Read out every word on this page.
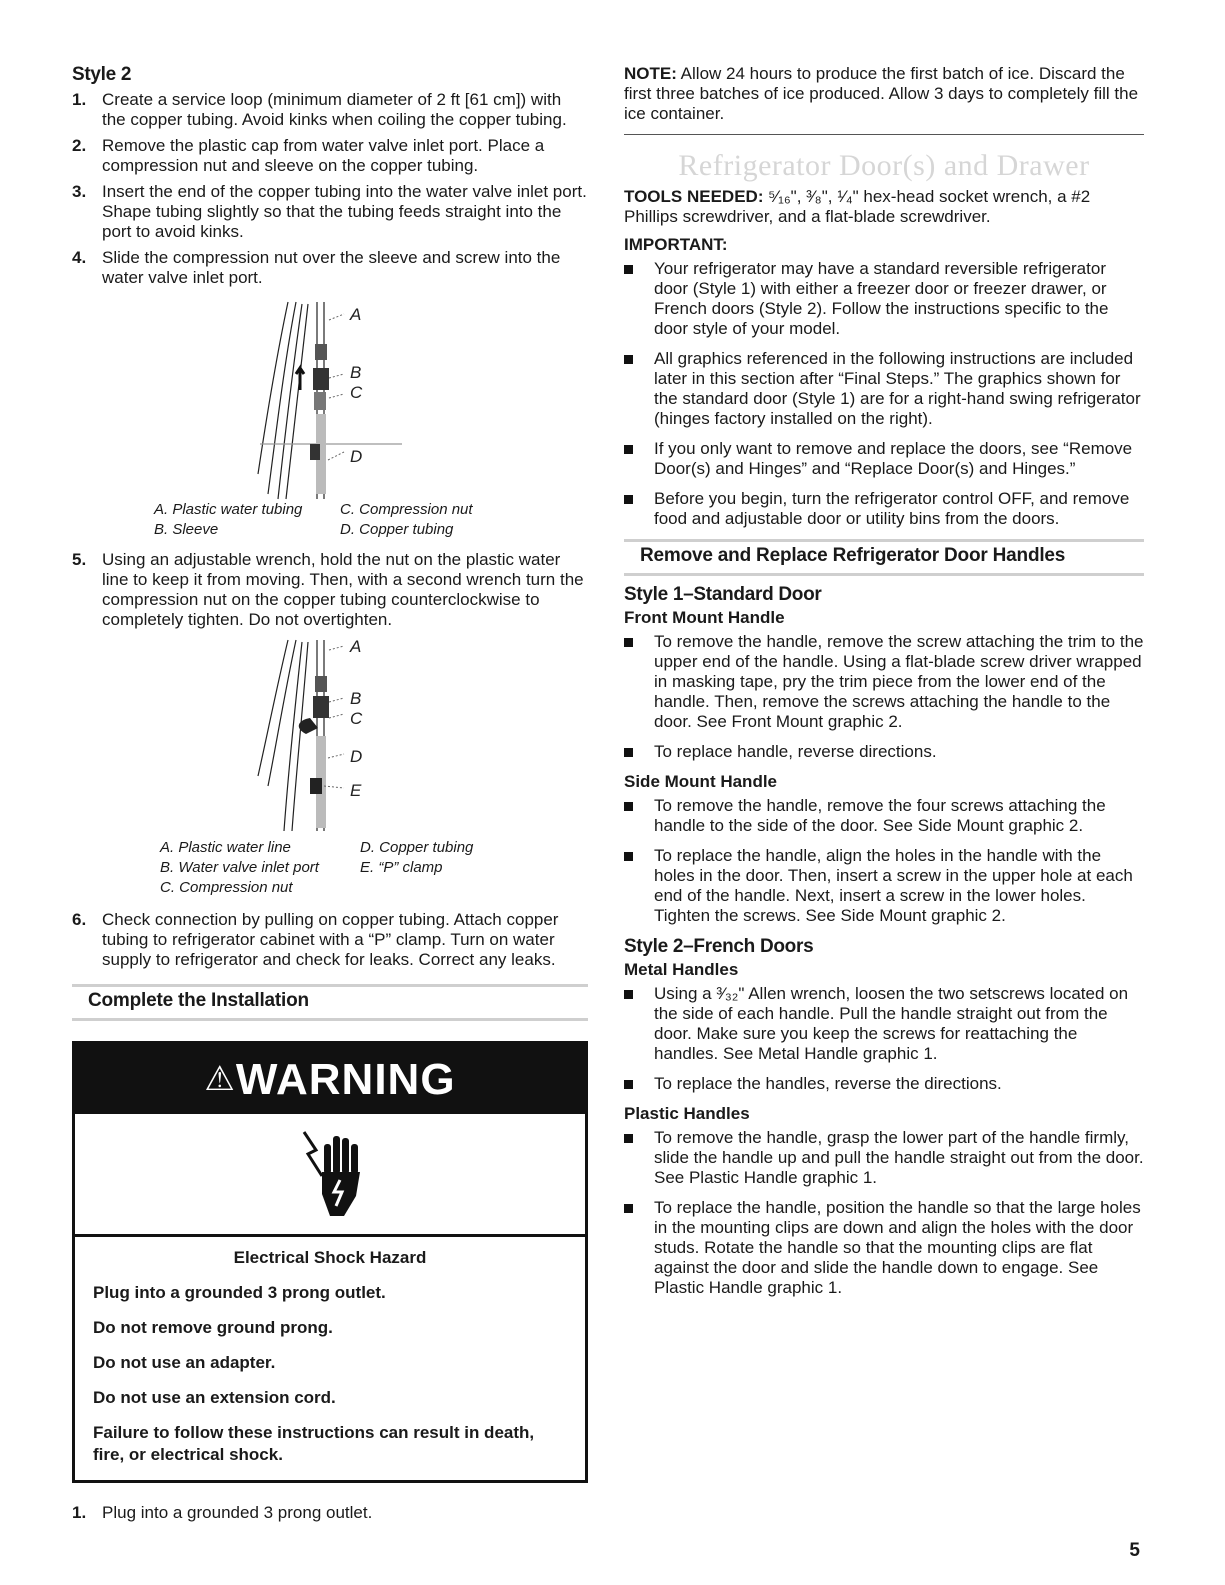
Style 2
1. Create a service loop (minimum diameter of 2 ft [61 cm]) with the copper tubing. Avoid kinks when coiling the copper tubing.
2. Remove the plastic cap from water valve inlet port. Place a compression nut and sleeve on the copper tubing.
3. Insert the end of the copper tubing into the water valve inlet port. Shape tubing slightly so that the tubing feeds straight into the port to avoid kinks.
4. Slide the compression nut over the sleeve and screw into the water valve inlet port.
A
B
C
D
A. Plastic water tubing	C. Compression nut
B. Sleeve	D. Copper tubing
5. Using an adjustable wrench, hold the nut on the plastic water line to keep it from moving. Then, with a second wrench turn the compression nut on the copper tubing counterclockwise to completely tighten. Do not overtighten.
A
B
C
D
E
A. Plastic water line	D. Copper tubing
B. Water valve inlet port	E. “P” clamp
C. Compression nut
6. Check connection by pulling on copper tubing. Attach copper tubing to refrigerator cabinet with a “P” clamp. Turn on water supply to refrigerator and check for leaks. Correct any leaks.
Complete the Installation
⚠WARNING

Electrical Shock Hazard

Plug into a grounded 3 prong outlet.

Do not remove ground prong.

Do not use an adapter.

Do not use an extension cord.

Failure to follow these instructions can result in death, fire, or electrical shock.

1. Plug into a grounded 3 prong outlet.
NOTE: Allow 24 hours to produce the first batch of ice. Discard the first three batches of ice produced. Allow 3 days to completely fill the ice container.
Refrigerator Door(s) and Drawer

TOOLS NEEDED: ⁵⁄₁₆", ³⁄₈", ¹⁄₄" hex-head socket wrench, a #2 Phillips screwdriver, and a flat-blade screwdriver.

IMPORTANT:
Your refrigerator may have a standard reversible refrigerator door (Style 1) with either a freezer door or freezer drawer, or French doors (Style 2). Follow the instructions specific to the door style of your model.
All graphics referenced in the following instructions are included later in this section after “Final Steps.” The graphics shown for the standard door (Style 1) are for a right-hand swing refrigerator (hinges factory installed on the right).
If you only want to remove and replace the doors, see “Remove Door(s) and Hinges” and “Replace Door(s) and Hinges.”
Before you begin, turn the refrigerator control OFF, and remove food and adjustable door or utility bins from the doors.
Remove and Replace Refrigerator Door Handles
Style 1–Standard Door
Front Mount Handle
To remove the handle, remove the screw attaching the trim to the upper end of the handle. Using a flat-blade screw driver wrapped in masking tape, pry the trim piece from the lower end of the handle. Then, remove the screws attaching the handle to the door. See Front Mount graphic 2.
To replace handle, reverse directions.
Side Mount Handle
To remove the handle, remove the four screws attaching the handle to the side of the door. See Side Mount graphic 2.
To replace the handle, align the holes in the handle with the holes in the door. Then, insert a screw in the upper hole at each end of the handle. Next, insert a screw in the lower holes. Tighten the screws. See Side Mount graphic 2.
Style 2–French Doors
Metal Handles
Using a ³⁄₃₂" Allen wrench, loosen the two setscrews located on the side of each handle. Pull the handle straight out from the door. Make sure you keep the screws for reattaching the handles. See Metal Handle graphic 1.
To replace the handles, reverse the directions.
Plastic Handles
To remove the handle, grasp the lower part of the handle firmly, slide the handle up and pull the handle straight out from the door. See Plastic Handle graphic 1.
To replace the handle, position the handle so that the large holes in the mounting clips are down and align the holes with the door studs. Rotate the handle so that the mounting clips are flat against the door and slide the handle down to engage. See Plastic Handle graphic 1.
5
